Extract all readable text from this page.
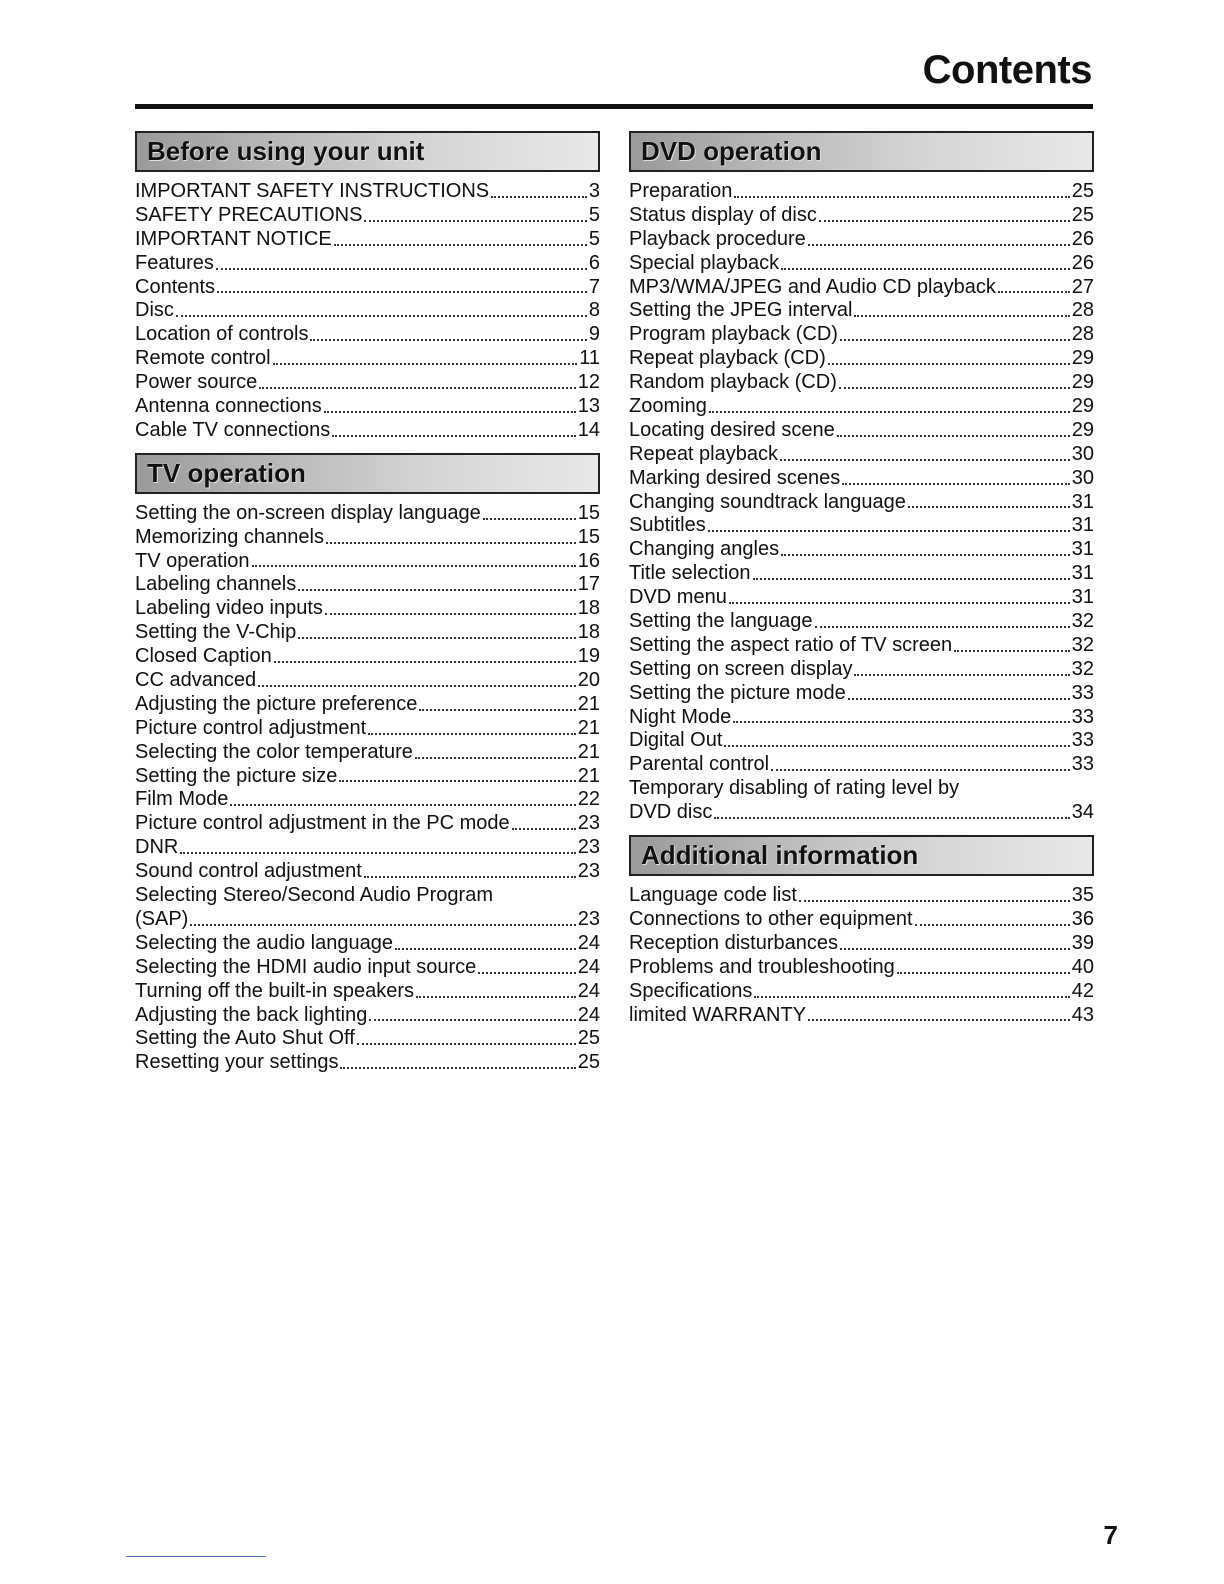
Contents
Before using your unit
IMPORTANT SAFETY INSTRUCTIONS	3
SAFETY PRECAUTIONS	5
IMPORTANT NOTICE	5
Features	6
Contents	7
Disc	8
Location of controls	9
Remote control	11
Power source	12
Antenna connections	13
Cable TV connections	14
TV operation
Setting the on-screen display language	15
Memorizing channels	15
TV operation	16
Labeling channels	17
Labeling video inputs	18
Setting the V-Chip	18
Closed Caption	19
CC advanced	20
Adjusting the picture preference	21
Picture control adjustment	21
Selecting the color temperature	21
Setting the picture size	21
Film Mode	22
Picture control adjustment in the PC mode	23
DNR	23
Sound control adjustment	23
Selecting Stereo/Second Audio Program
(SAP)	23
Selecting the audio language	24
Selecting the HDMI audio input source	24
Turning off the built-in speakers	24
Adjusting the back lighting	24
Setting the Auto Shut Off	25
Resetting your settings	25
DVD operation
Preparation	25
Status display of disc	25
Playback procedure	26
Special playback	26
MP3/WMA/JPEG and Audio CD playback	27
Setting the JPEG interval	28
Program playback (CD)	28
Repeat playback (CD)	29
Random playback (CD)	29
Zooming	29
Locating desired scene	29
Repeat playback	30
Marking desired scenes	30
Changing soundtrack language	31
Subtitles	31
Changing angles	31
Title selection	31
DVD menu	31
Setting the language	32
Setting the aspect ratio of TV screen	32
Setting on screen display	32
Setting the picture mode	33
Night Mode	33
Digital Out	33
Parental control	33
Temporary disabling of rating level by
DVD disc	34
Additional information
Language code list	35
Connections to other equipment	36
Reception disturbances	39
Problems and troubleshooting	40
Specifications	42
limited WARRANTY	43
7
